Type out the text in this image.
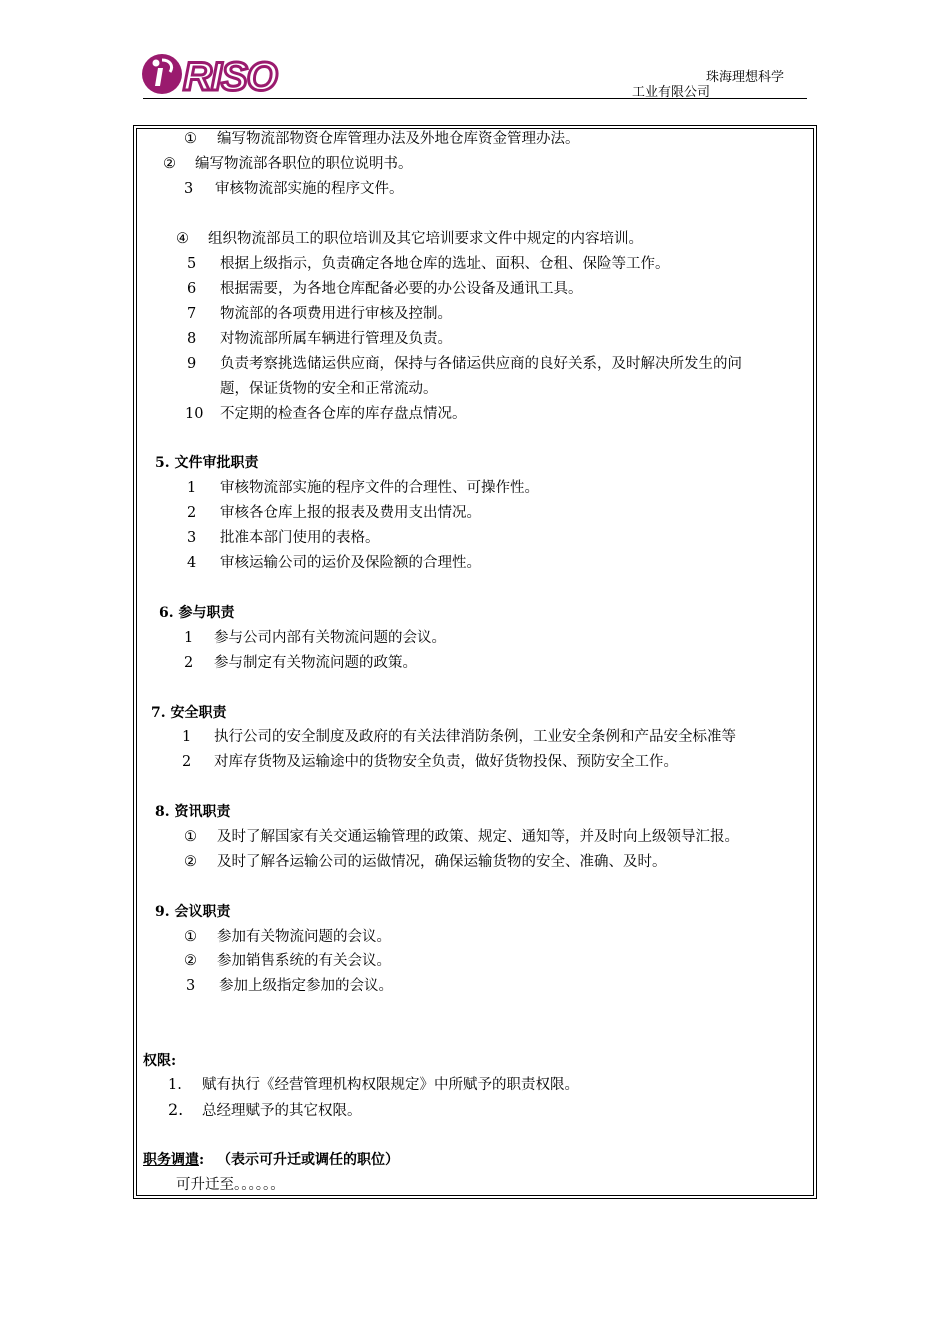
RISO	珠海理想科学
工业有限公司
① 编写物流部物资仓库管理办法及外地仓库资金管理办法。
② 编写物流部各职位的职位说明书。
3 审核物流部实施的程序文件。
④ 组织物流部员工的职位培训及其它培训要求文件中规定的内容培训。
5 根据上级指示，负责确定各地仓库的选址、面积、仓租、保险等工作。
6 根据需要，为各地仓库配备必要的办公设备及通讯工具。
7 物流部的各项费用进行审核及控制。
8 对物流部所属车辆进行管理及负责。
9 负责考察挑选储运供应商，保持与各储运供应商的良好关系，及时解决所发生的问
题，保证货物的安全和正常流动。
10 不定期的检查各仓库的库存盘点情况。
5. 文件审批职责
1 审核物流部实施的程序文件的合理性、可操作性。
2 审核各仓库上报的报表及费用支出情况。
3 批准本部门使用的表格。
4 审核运输公司的运价及保险额的合理性。
6. 参与职责
1 参与公司内部有关物流问题的会议。
2 参与制定有关物流问题的政策。
7. 安全职责
1 执行公司的安全制度及政府的有关法律消防条例，工业安全条例和产品安全标准等
2 对库存货物及运输途中的货物安全负责，做好货物投保、预防安全工作。
8. 资讯职责
① 及时了解国家有关交通运输管理的政策、规定、通知等，并及时向上级领导汇报。
② 及时了解各运输公司的运做情况，确保运输货物的安全、准确、及时。
9. 会议职责
① 参加有关物流问题的会议。
② 参加销售系统的有关会议。
3 参加上级指定参加的会议。
权限:
1. 赋有执行《经营管理机构权限规定》中所赋予的职责权限。
2. 总经理赋予的其它权限。
职务调遣: （表示可升迁或调任的职位）
可升迁至。。。。。。
